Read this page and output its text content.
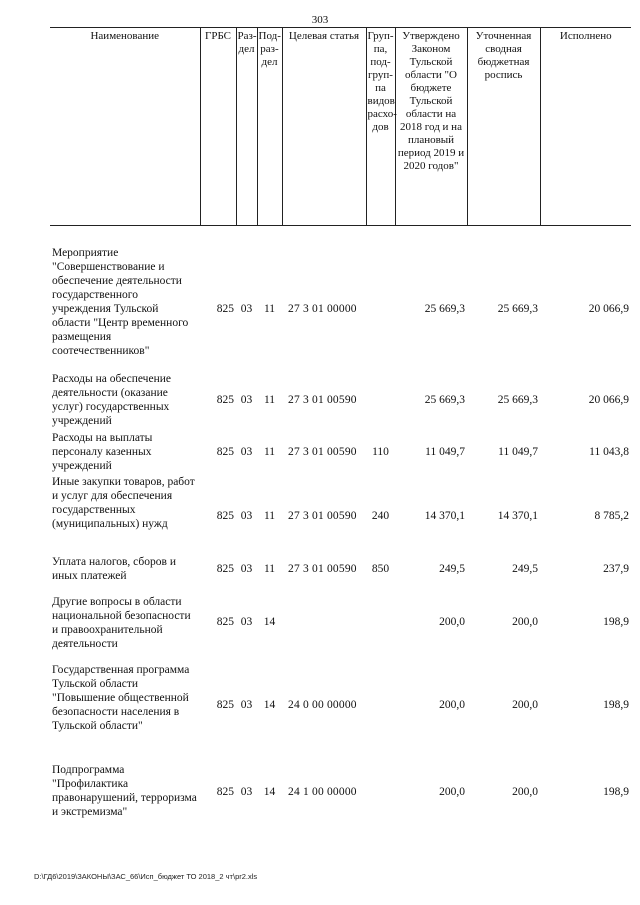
303
Наименование	ГРБС	Раз-дел	Под-раз-дел	Целевая статья	Груп-па, под-груп-па видов расхо-дов	Утверждено Законом Тульской области "О бюджете Тульской области на 2018 год и на плановый период 2019 и 2020 годов"	Уточненная сводная бюджетная роспись	Исполнено

Мероприятие "Совершенствование и обеспечение деятельности государственного учреждения Тульской области "Центр временного размещения соотечественников"	825	03	11	27 3 01 00000		25 669,3	25 669,3	20 066,9

Расходы на обеспечение деятельности (оказание услуг) государственных учреждений	825	03	11	27 3 01 00590		25 669,3	25 669,3	20 066,9

Расходы на выплаты персоналу казенных учреждений	825	03	11	27 3 01 00590	110	11 049,7	11 049,7	11 043,8

Иные закупки товаров, работ и услуг для обеспечения государственных (муниципальных) нужд	825	03	11	27 3 01 00590	240	14 370,1	14 370,1	8 785,2

Уплата налогов, сборов и иных платежей	825	03	11	27 3 01 00590	850	249,5	249,5	237,9

Другие вопросы в области национальной безопасности и правоохранительной деятельности	825	03	14			200,0	200,0	198,9

Государственная программа Тульской области "Повышение общественной безопасности населения в Тульской области"	825	03	14	24 0 00 00000		200,0	200,0	198,9

Подпрограмма "Профилактика правонарушений, терроризма и экстремизма"	825	03	14	24 1 00 00000		200,0	200,0	198,9
D:\ГД6\2019\ЗАКОНЫ\ЗАС_66\Исп_бюджет ТО 2018_2 чт\pr2.xls
